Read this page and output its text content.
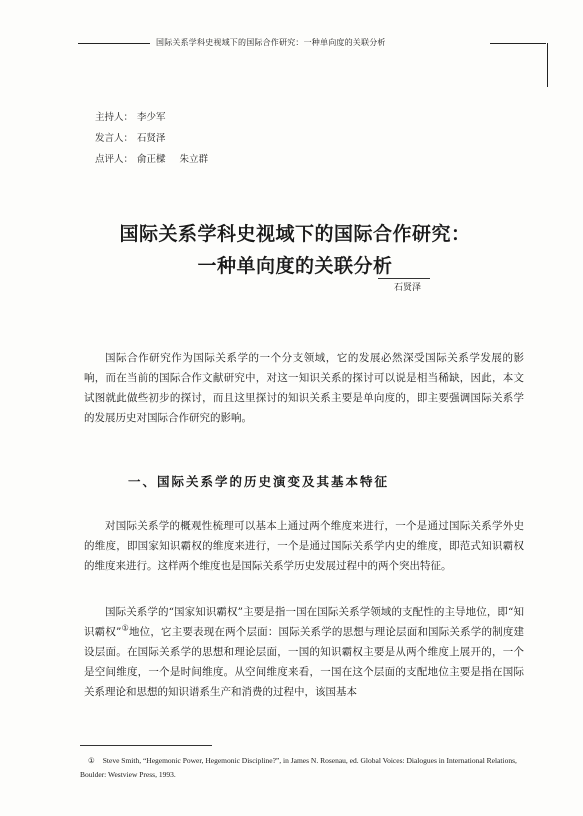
国际关系学科史视域下的国际合作研究：一种单向度的关联分析
主持人： 李少军
发言人： 石贤泽
点评人： 俞正樑 朱立群
国际关系学科史视域下的国际合作研究：
一种单向度的关联分析
石贤泽

国际合作研究作为国际关系学的一个分支领域，它的发展必然深受国际关系学发展的影响，而在当前的国际合作文献研究中，对这一知识关系的探讨可以说是相当稀缺，因此，本文试图就此做些初步的探讨，而且这里探讨的知识关系主要是单向度的，即主要强调国际关系学的发展历史对国际合作研究的影响。

一、国际关系学的历史演变及其基本特征

对国际关系学的概观性梳理可以基本上通过两个维度来进行，一个是通过国际关系学外史的维度，即国家知识霸权的维度来进行，一个是通过国际关系学内史的维度，即范式知识霸权的维度来进行。这样两个维度也是国际关系学历史发展过程中的两个突出特征。

国际关系学的“国家知识霸权”主要是指一国在国际关系学领域的支配性的主导地位，即“知识霸权”①地位，它主要表现在两个层面：国际关系学的思想与理论层面和国际关系学的制度建设层面。在国际关系学的思想和理论层面，一国的知识霸权主要是从两个维度上展开的，一个是空间维度，一个是时间维度。从空间维度来看，一国在这个层面的支配地位主要是指在国际关系理论和思想的知识谱系生产和消费的过程中，该国基本

① Steve Smith, “Hegemonic Power, Hegemonic Discipline?”, in James N. Rosenau, ed. Global Voices: Dialogues in International Relations, Boulder: Westview Press, 1993.
